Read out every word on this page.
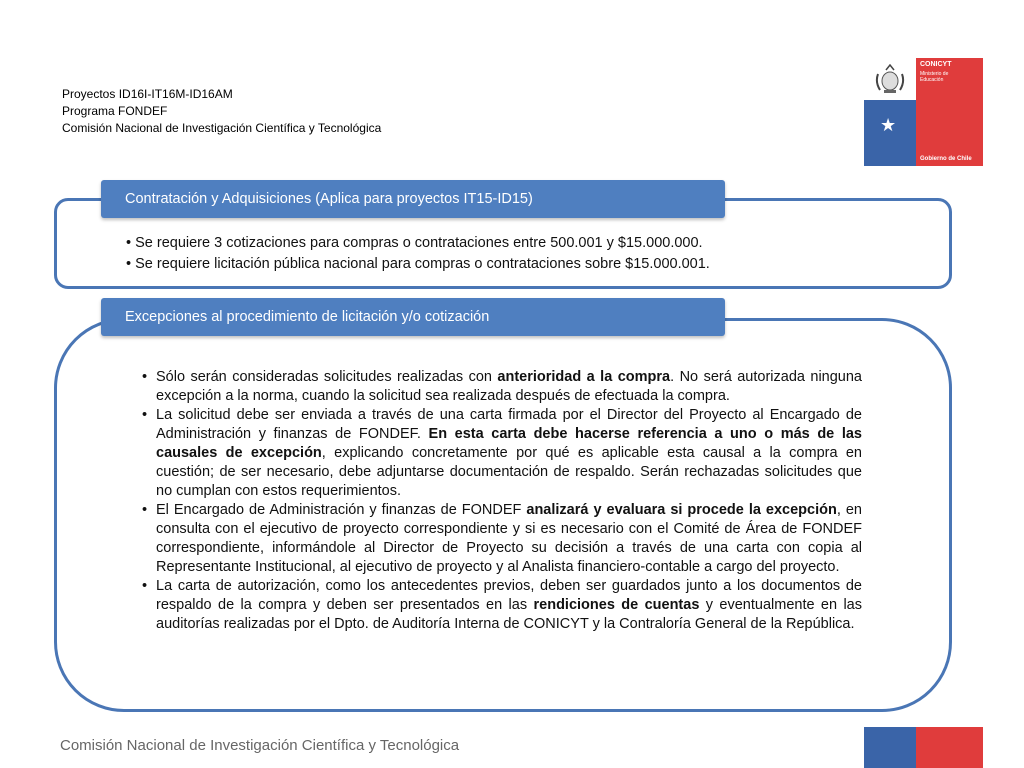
Proyectos ID16I-IT16M-ID16AM
Programa FONDEF
Comisión Nacional de Investigación Científica y Tecnológica	★
CONICYT
Ministerio de
Educación
Gobierno de Chile
Contratación y Adquisiciones (Aplica para proyectos IT15-ID15)
• Se requiere 3 cotizaciones para compras o contrataciones entre 500.001 y $15.000.000.
• Se requiere licitación pública nacional para compras o contrataciones sobre $15.000.001.
Excepciones al procedimiento de licitación y/o cotización
• Sólo serán consideradas solicitudes realizadas con anterioridad a la compra. No será autorizada ninguna excepción a la norma, cuando la solicitud sea realizada después de efectuada la compra.
• La solicitud debe ser enviada a través de una carta firmada por el Director del Proyecto al Encargado de Administración y finanzas de FONDEF. En esta carta debe hacerse referencia a uno o más de las causales de excepción, explicando concretamente por qué es aplicable esta causal a la compra en cuestión; de ser necesario, debe adjuntarse documentación de respaldo. Serán rechazadas solicitudes que no cumplan con estos requerimientos.
• El Encargado de Administración y finanzas de FONDEF analizará y evaluara si procede la excepción, en consulta con el ejecutivo de proyecto correspondiente y si es necesario con el Comité de Área de FONDEF correspondiente, informándole al Director de Proyecto su decisión a través de una carta con copia al Representante Institucional, al ejecutivo de proyecto y al Analista financiero-contable a cargo del proyecto.
• La carta de autorización, como los antecedentes previos, deben ser guardados junto a los documentos de respaldo de la compra y deben ser presentados en las rendiciones de cuentas y eventualmente en las auditorías realizadas por el Dpto. de Auditoría Interna de CONICYT y la Contraloría General de la República.
Comisión Nacional de Investigación Científica y Tecnológica
